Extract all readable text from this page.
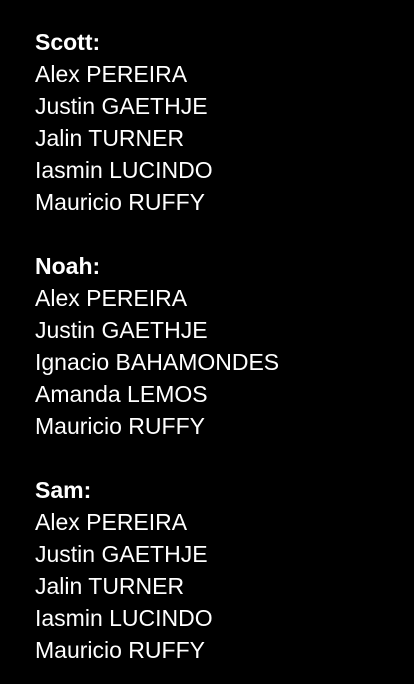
Scott:
Alex PEREIRA
Justin GAETHJE
Jalin TURNER
Iasmin LUCINDO
Mauricio RUFFY
Noah:
Alex PEREIRA
Justin GAETHJE
Ignacio BAHAMONDES
Amanda LEMOS
Mauricio RUFFY
Sam:
Alex PEREIRA
Justin GAETHJE
Jalin TURNER
Iasmin LUCINDO
Mauricio RUFFY
